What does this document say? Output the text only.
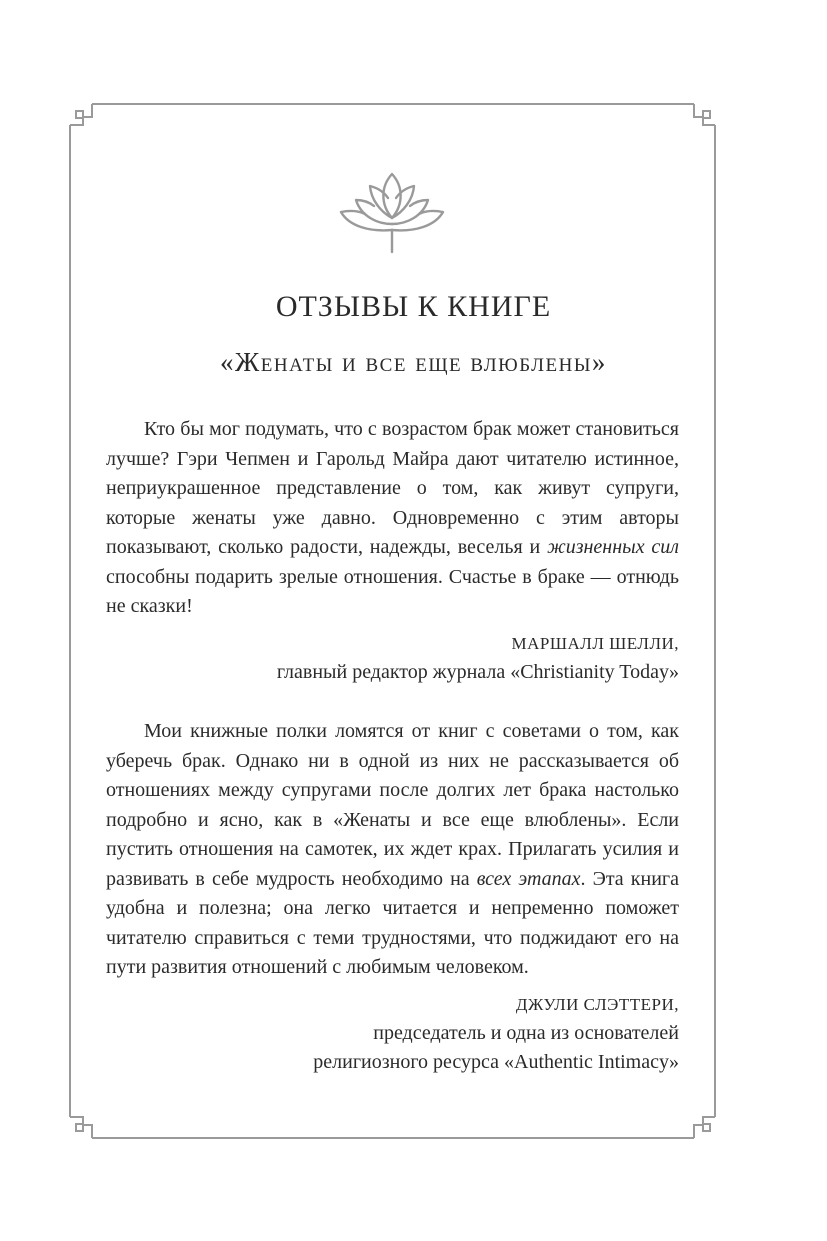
ОТЗЫВЫ К КНИГЕ
«Женаты и все еще влюблены»

Кто бы мог подумать, что с возрастом брак может становиться лучше? Гэри Чепмен и Гарольд Майра дают читателю истинное, неприукрашенное представление о том, как живут супруги, которые женаты уже давно. Одновременно с этим авторы показывают, сколько радости, надежды, веселья и жизненных сил способны подарить зрелые отношения. Счастье в браке — отнюдь не сказки!

МАРШАЛЛ ШЕЛЛИ,
главный редактор журнала «Christianity Today»

Мои книжные полки ломятся от книг с советами о том, как уберечь брак. Однако ни в одной из них не рассказывается об отношениях между супругами после долгих лет брака настолько подробно и ясно, как в «Женаты и все еще влюблены». Если пустить отношения на самотек, их ждет крах. Прилагать усилия и развивать в себе мудрость необходимо на всех этапах. Эта книга удобна и полезна; она легко читается и непременно поможет читателю справиться с теми трудностями, что поджидают его на пути развития отношений с любимым человеком.

ДЖУЛИ СЛЭТТЕРИ,
председатель и одна из основателей
религиозного ресурса «Authentic Intimacy»
